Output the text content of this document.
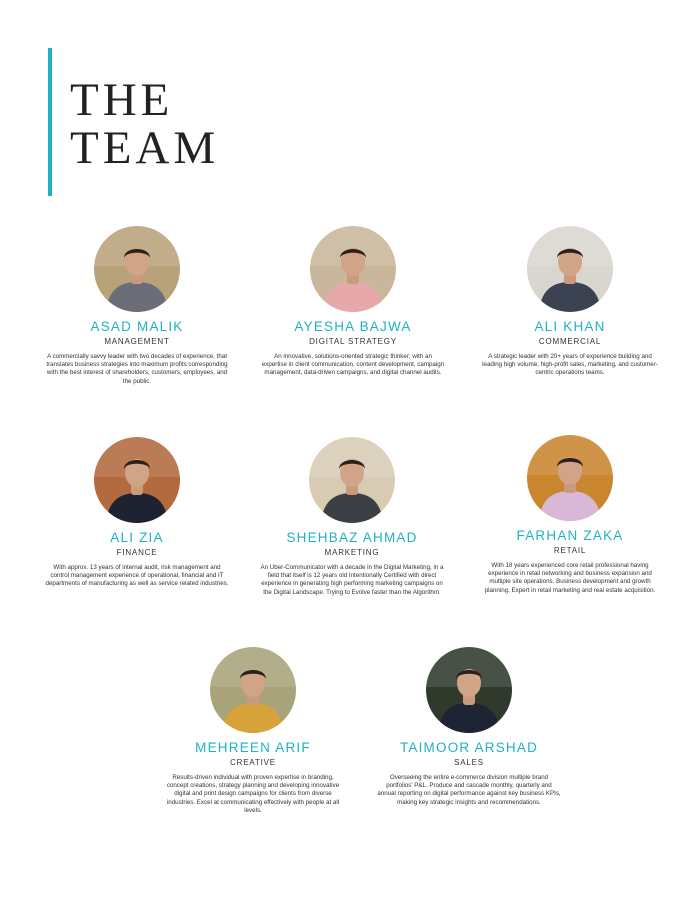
THE
TEAM
ASAD MALIK
MANAGEMENT
A commercially savvy leader with two decades of experience, that translates business strategies into maximum profits corresponding with the best interest of shareholders, customers, employees, and the public.
AYESHA BAJWA
DIGITAL STRATEGY
An innovative, solutions-oriented strategic thinker; with an expertise in client communication, content development, campaign management, data-driven campaigns, and digital channel audits.
ALI KHAN
COMMERCIAL
A strategic leader with 20+ years of experience building and leading high volume, high-profit sales, marketing, and customer-centric operations teams.
ALI ZIA
FINANCE
With approx. 13 years of internal audit, risk management and control management experience of operational, financial and IT departments of manufacturing as well as service related industries.
SHEHBAZ AHMAD
MARKETING
An Uber-Communicator with a decade in the Digital Marketing, in a field that itself is 12 years old Intentionally Certified with direct experience in generating high performing marketing campaigns on the Digital Landscape. Trying to Evolve faster than the Algorithm.
FARHAN ZAKA
RETAIL
With 18 years experienced core retail professional having experience in retail networking and business expansion and multiple site operations. Business development and growth planning. Expert in retail marketing and real estate acquisition.
MEHREEN ARIF
CREATIVE
Results-driven individual with proven expertise in branding, concept creations, strategy planning and developing innovative digital and print design campaigns for clients from diverse industries. Excel at communicating effectively with people at all levels.
TAIMOOR ARSHAD
SALES
Overseeing the entire e-commerce division multiple brand portfolios' P&L. Produce and cascade monthly, quarterly and annual reporting on digital performance against key business KPIs, making key strategic insights and recommendations.
